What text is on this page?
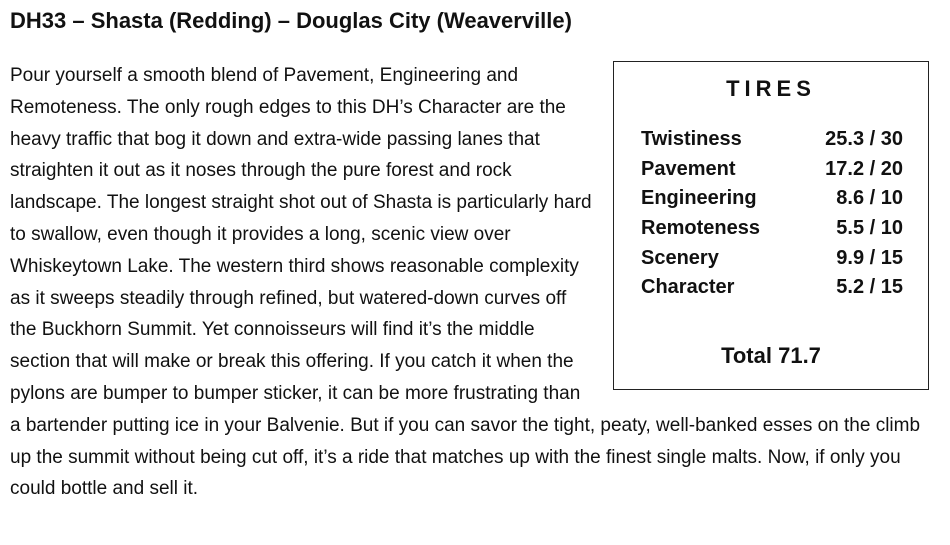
DH33 – Shasta (Redding) – Douglas City (Weaverville)

Pour yourself a smooth blend of Pavement, Engineering and Remoteness. The only rough edges to this DH’s Character are the heavy traffic that bog it down and extra-wide passing lanes that straighten it out as it noses through the pure forest and rock landscape. The longest straight shot out of Shasta is particularly hard to swallow, even though it provides a long, scenic view over Whiskeytown Lake. The western third shows reasonable complexity as it sweeps steadily through refined, but watered-down curves off the Buckhorn Summit. Yet connoisseurs will find it’s the middle section that will make or break this offering. If you catch it when the pylons are bumper to bumper sticker, it can be more frustrating than a bartender putting ice in your Balvenie. But if you can savor the tight, peaty, well-banked esses on the climb up the summit without being cut off, it’s a ride that matches up with the finest single malts. Now, if only you could bottle and sell it.

TIRES
Twistiness	25.3 / 30
Pavement	17.2 / 20
Engineering	8.6 / 10
Remoteness	5.5 / 10
Scenery	9.9 / 15
Character	5.2 / 15
Total 71.7
